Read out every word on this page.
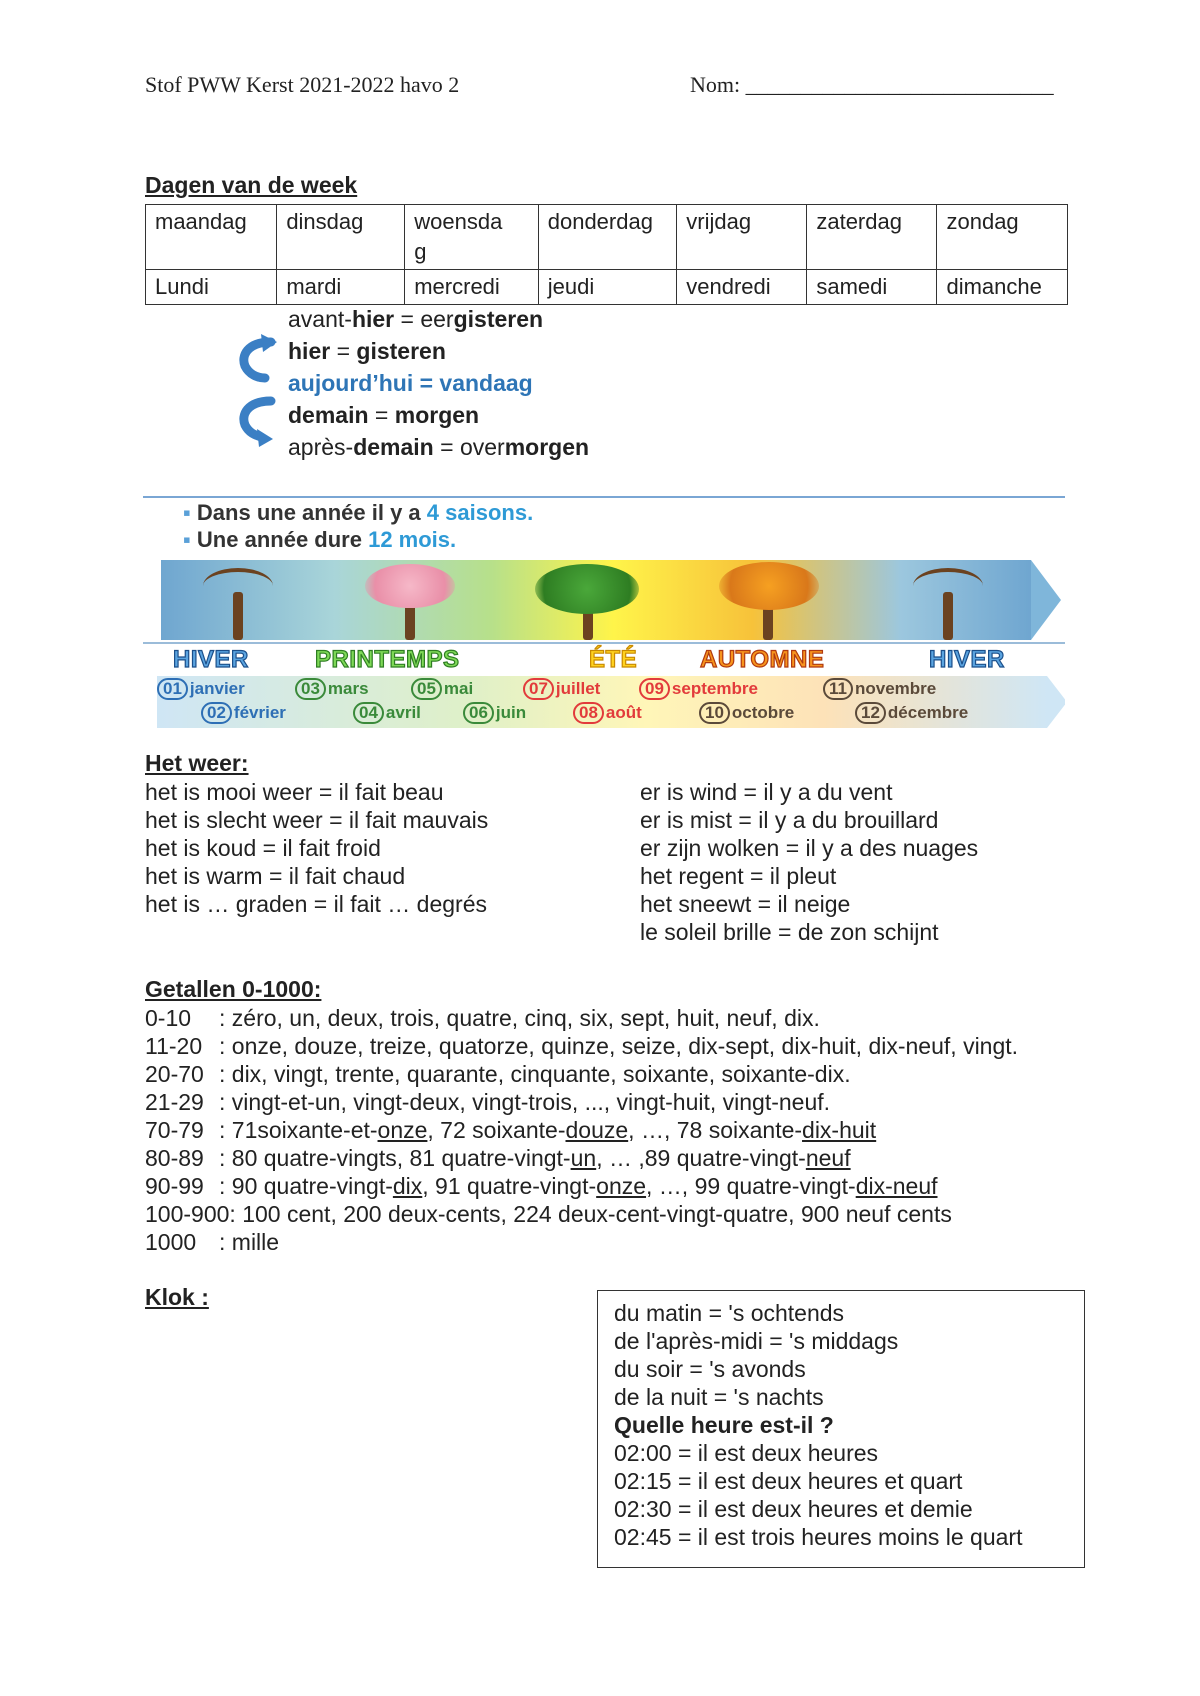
Stof PWW Kerst 2021-2022 havo 2	Nom: ____________________________
Dagen van de week
maandag	dinsdag	woensda g	donderdag	vrijdag	zaterdag	zondag
Lundi	mardi	mercredi	jeudi	vendredi	samedi	dimanche
avant-hier = eergisteren
hier = gisteren
aujourd’hui = vandaag
demain = morgen
après-demain = overmorgen
▪ Dans une année il y a 4 saisons.
▪ Une année dure 12 mois.
HIVER	PRINTEMPS	ÉTÉ	AUTOMNE	HIVER
01 janvier	03 mars	05 mai	07 juillet	09 septembre	11 novembre
02 février	04 avril	06 juin	08 août	10 octobre	12 décembre
Het weer:
het is mooi weer = il fait beau
het is slecht weer = il fait mauvais
het is koud = il fait froid
het is warm = il fait chaud
het is … graden = il fait … degrés
er is wind = il y a du vent
er is mist = il y a du brouillard
er zijn wolken = il y a des nuages
het regent = il pleut
het sneewt = il neige
le soleil brille = de zon schijnt
Getallen 0-1000:
0-10 : zéro, un, deux, trois, quatre, cinq, six, sept, huit, neuf, dix.
11-20 : onze, douze, treize, quatorze, quinze, seize, dix-sept, dix-huit, dix-neuf, vingt.
20-70 : dix, vingt, trente, quarante, cinquante, soixante, soixante-dix.
21-29 : vingt-et-un, vingt-deux, vingt-trois, ..., vingt-huit, vingt-neuf.
70-79 : 71soixante-et-onze, 72 soixante-douze, …, 78 soixante-dix-huit
80-89 : 80 quatre-vingts, 81 quatre-vingt-un, … ,89 quatre-vingt-neuf
90-99 : 90 quatre-vingt-dix, 91 quatre-vingt-onze, …, 99 quatre-vingt-dix-neuf
100-900: 100 cent, 200 deux-cents, 224 deux-cent-vingt-quatre, 900 neuf cents
1000 : mille
Klok :
du matin = 's ochtends
de l'après-midi = 's middags
du soir = 's avonds
de la nuit = 's nachts
Quelle heure est-il ?
02:00 = il est deux heures
02:15 = il est deux heures et quart
02:30 = il est deux heures et demie
02:45 = il est trois heures moins le quart
